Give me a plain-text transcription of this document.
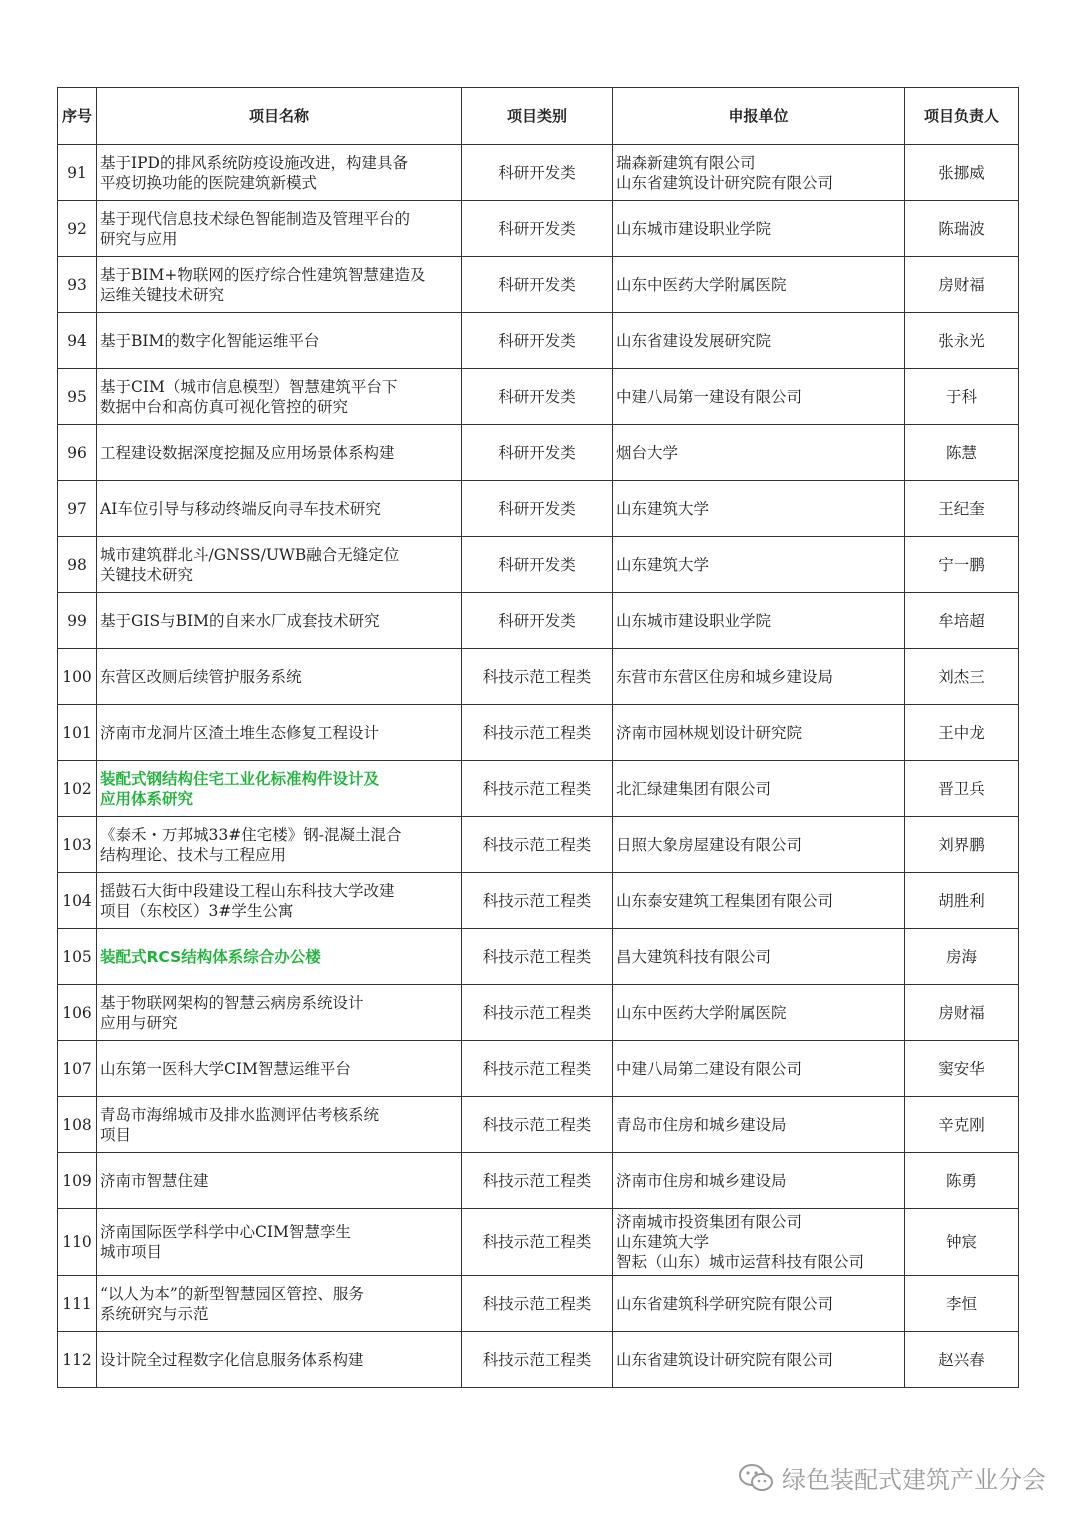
序号	项目名称	项目类别	申报单位	项目负责人
91	基于IPD的排风系统防疫设施改进，构建具备
平疫切换功能的医院建筑新模式	科研开发类	瑞森新建筑有限公司
山东省建筑设计研究院有限公司	张挪威
92	基于现代信息技术绿色智能制造及管理平台的
研究与应用	科研开发类	山东城市建设职业学院	陈瑞波
93	基于BIM+物联网的医疗综合性建筑智慧建造及
运维关键技术研究	科研开发类	山东中医药大学附属医院	房财福
94	基于BIM的数字化智能运维平台	科研开发类	山东省建设发展研究院	张永光
95	基于CIM（城市信息模型）智慧建筑平台下
数据中台和高仿真可视化管控的研究	科研开发类	中建八局第一建设有限公司	于科
96	工程建设数据深度挖掘及应用场景体系构建	科研开发类	烟台大学	陈慧
97	AI车位引导与移动终端反向寻车技术研究	科研开发类	山东建筑大学	王纪奎
98	城市建筑群北斗/GNSS/UWB融合无缝定位
关键技术研究	科研开发类	山东建筑大学	宁一鹏
99	基于GIS与BIM的自来水厂成套技术研究	科研开发类	山东城市建设职业学院	牟培超
100	东营区改厕后续管护服务系统	科技示范工程类	东营市东营区住房和城乡建设局	刘杰三
101	济南市龙洞片区渣土堆生态修复工程设计	科技示范工程类	济南市园林规划设计研究院	王中龙
102	装配式钢结构住宅工业化标准构件设计及
应用体系研究	科技示范工程类	北汇绿建集团有限公司	晋卫兵
103	《泰禾・万邦城33#住宅楼》钢-混凝土混合
结构理论、技术与工程应用	科技示范工程类	日照大象房屋建设有限公司	刘界鹏
104	揺鼓石大街中段建设工程山东科技大学改建
项目（东校区）3#学生公寓	科技示范工程类	山东泰安建筑工程集团有限公司	胡胜利
105	装配式RCS结构体系综合办公楼	科技示范工程类	昌大建筑科技有限公司	房海
106	基于物联网架构的智慧云病房系统设计
应用与研究	科技示范工程类	山东中医药大学附属医院	房财福
107	山东第一医科大学CIM智慧运维平台	科技示范工程类	中建八局第二建设有限公司	窦安华
108	青岛市海绵城市及排水监测评估考核系统
项目	科技示范工程类	青岛市住房和城乡建设局	辛克刚
109	济南市智慧住建	科技示范工程类	济南市住房和城乡建设局	陈勇
110	济南国际医学科学中心CIM智慧孪生
城市项目	科技示范工程类	济南城市投资集团有限公司
山东建筑大学
智耘（山东）城市运营科技有限公司	钟宸
111	“以人为本”的新型智慧园区管控、服务
系统研究与示范	科技示范工程类	山东省建筑科学研究院有限公司	李恒
112	设计院全过程数字化信息服务体系构建	科技示范工程类	山东省建筑设计研究院有限公司	赵兴春
绿色装配式建筑产业分会
